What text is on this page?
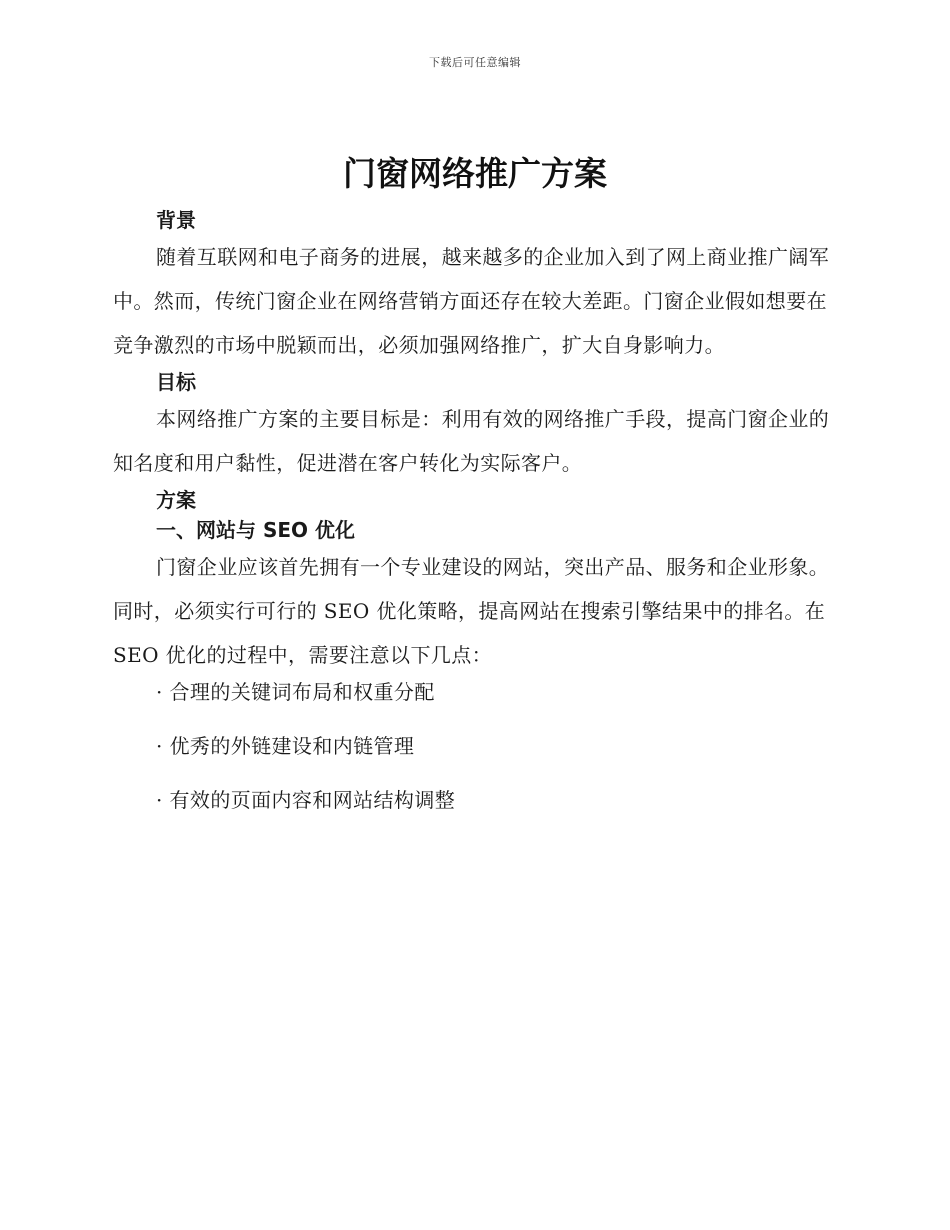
下载后可任意编辑
门窗网络推广方案
背景

随着互联网和电子商务的进展，越来越多的企业加入到了网上商业推广阔军中。然而，传统门窗企业在网络营销方面还存在较大差距。门窗企业假如想要在竞争激烈的市场中脱颖而出，必须加强网络推广，扩大自身影响力。

目标

本网络推广方案的主要目标是：利用有效的网络推广手段，提高门窗企业的知名度和用户黏性，促进潜在客户转化为实际客户。

方案
一、网站与 SEO 优化

门窗企业应该首先拥有一个专业建设的网站，突出产品、服务和企业形象。同时，必须实行可行的 SEO 优化策略，提高网站在搜索引擎结果中的排名。在 SEO 优化的过程中，需要注意以下几点：

· 合理的关键词布局和权重分配

· 优秀的外链建设和内链管理

· 有效的页面内容和网站结构调整
